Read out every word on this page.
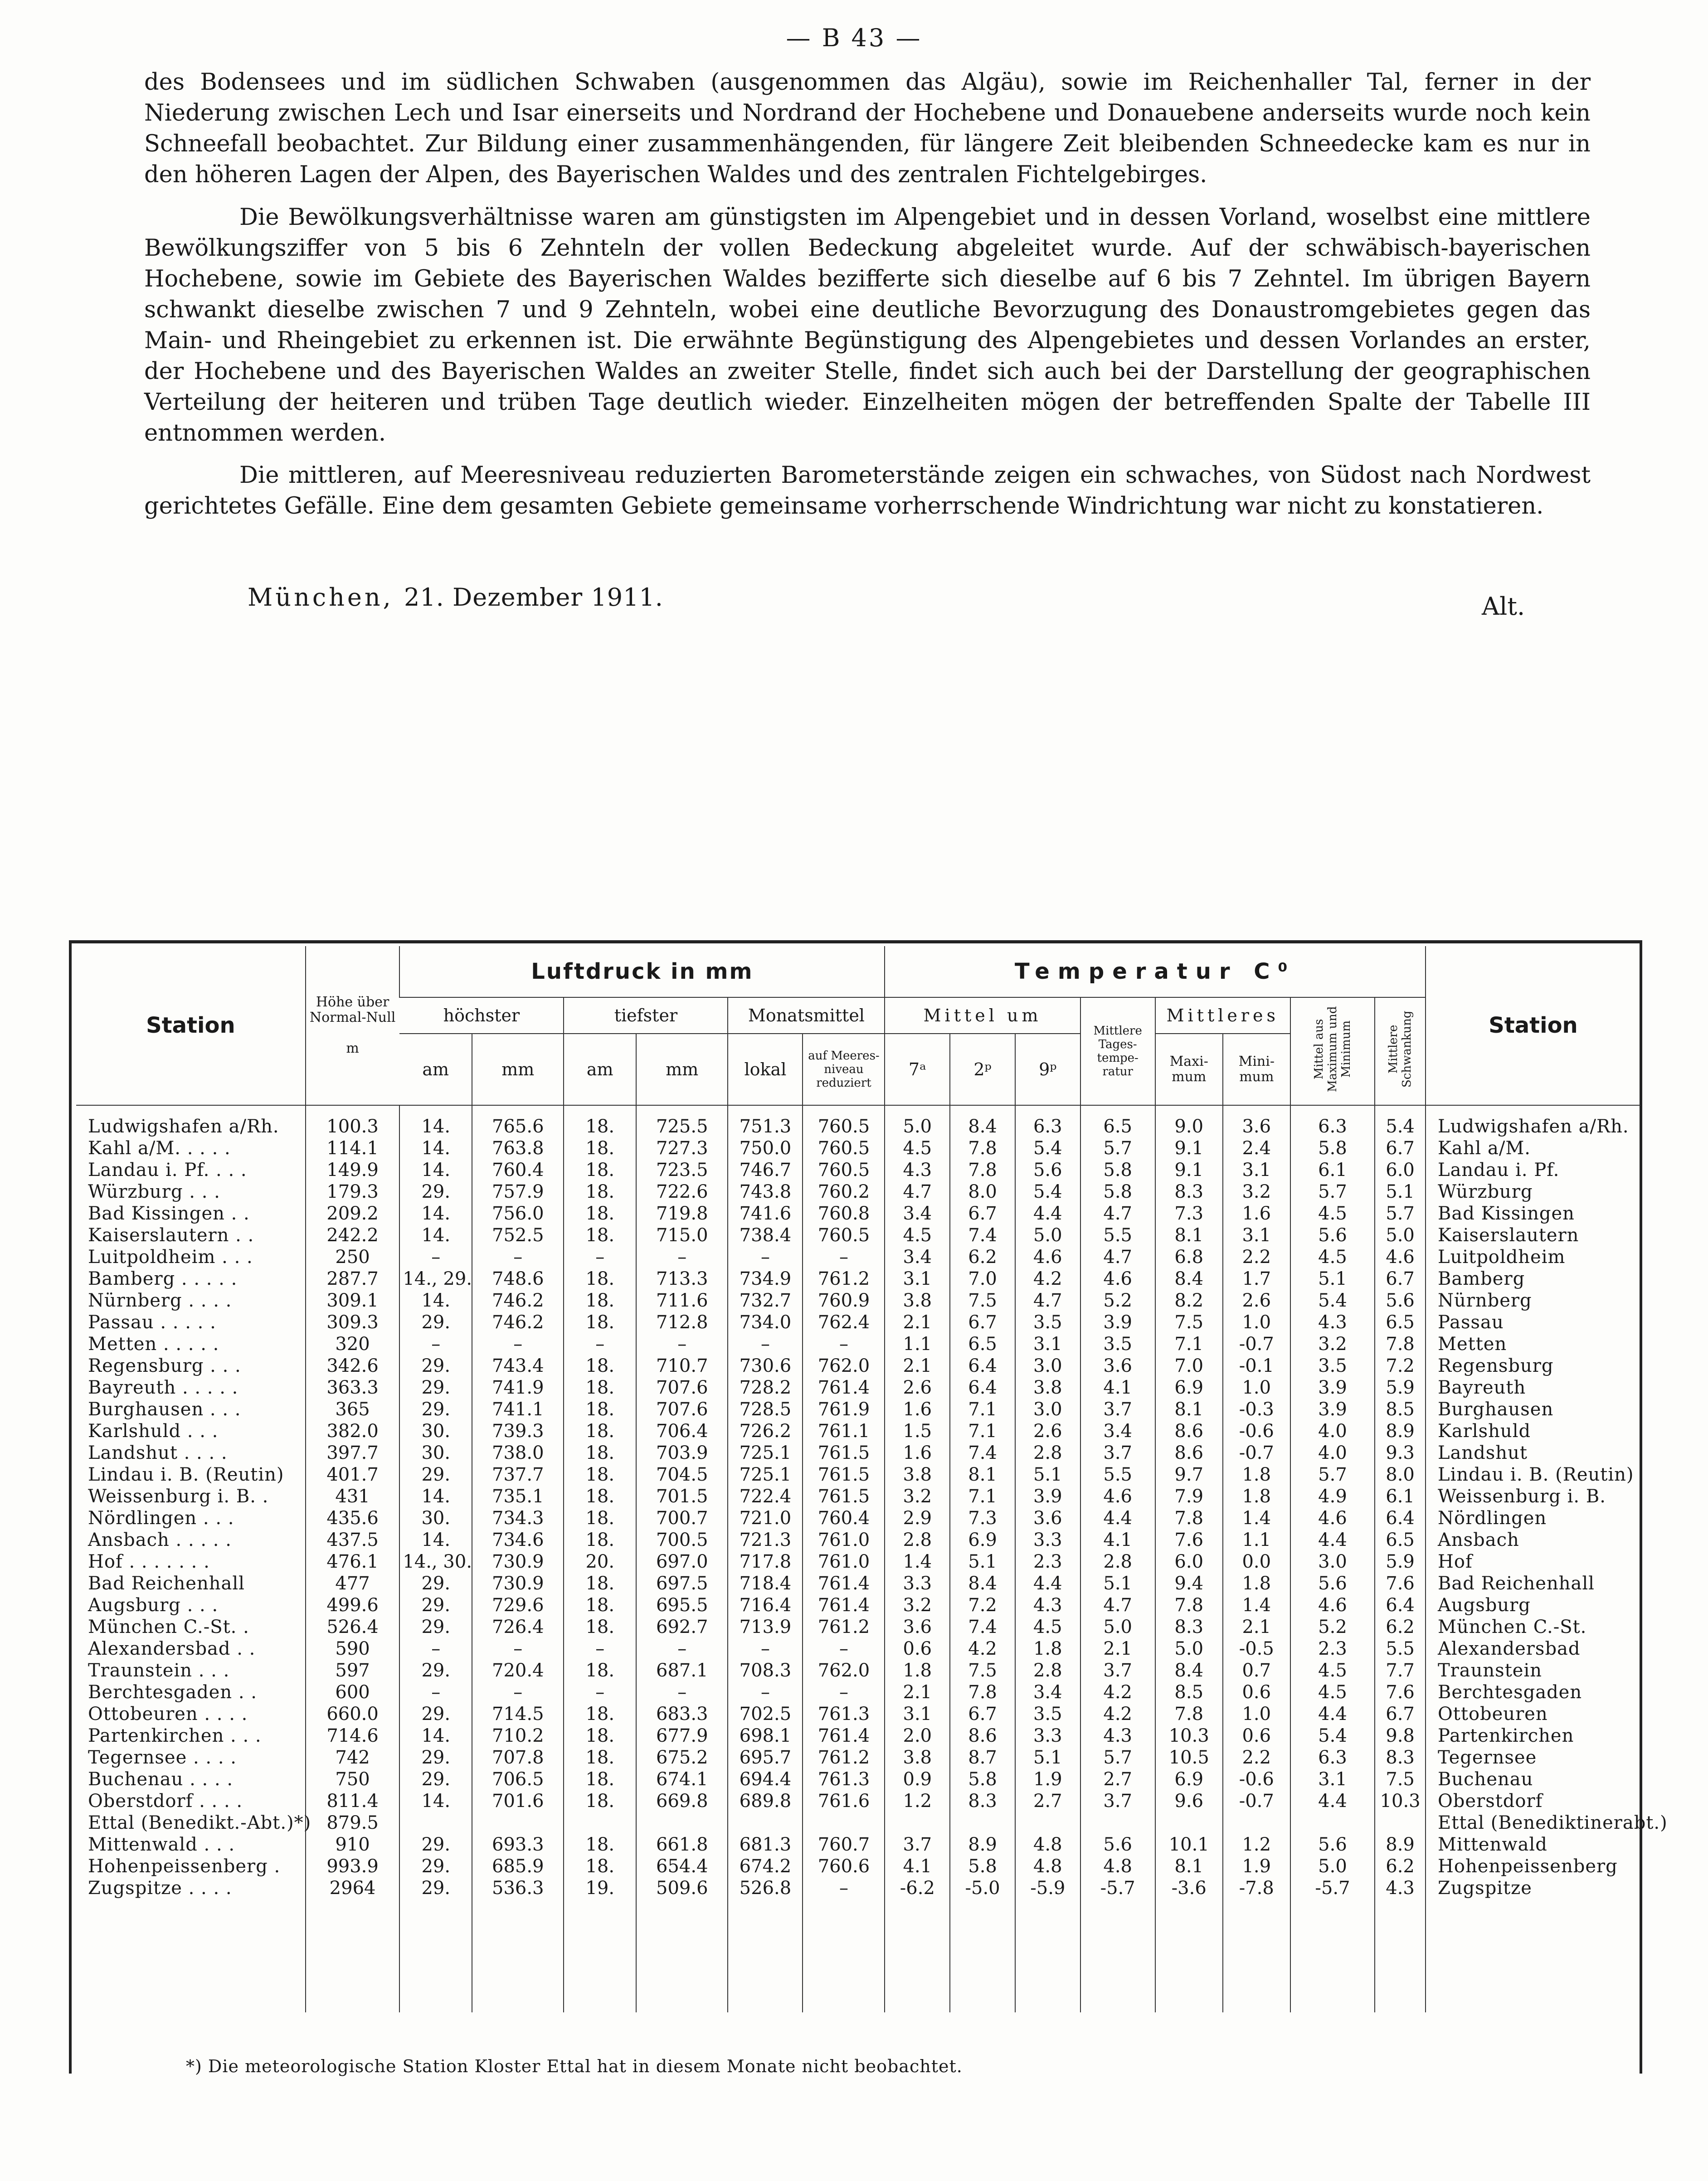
— B 43 —

des Bodensees und im südlichen Schwaben (ausgenommen das Algäu), sowie im Reichenhaller Tal, ferner in der Niederung zwischen Lech und Isar einerseits und Nordrand der Hochebene und Donauebene anderseits wurde noch kein Schneefall beobachtet. Zur Bildung einer zusammenhängenden, für längere Zeit bleibenden Schneedecke kam es nur in den höheren Lagen der Alpen, des Bayerischen Waldes und des zentralen Fichtelgebirges.

Die Bewölkungsverhältnisse waren am günstigsten im Alpengebiet und in dessen Vorland, woselbst eine mittlere Bewölkungsziffer von 5 bis 6 Zehnteln der vollen Bedeckung abgeleitet wurde. Auf der schwäbisch-bayerischen Hochebene, sowie im Gebiete des Bayerischen Waldes bezifferte sich dieselbe auf 6 bis 7 Zehntel. Im übrigen Bayern schwankt dieselbe zwischen 7 und 9 Zehnteln, wobei eine deutliche Bevorzugung des Donaustromgebietes gegen das Main- und Rheingebiet zu erkennen ist. Die erwähnte Begünstigung des Alpengebietes und dessen Vorlandes an erster, der Hochebene und des Bayerischen Waldes an zweiter Stelle, findet sich auch bei der Darstellung der geographischen Verteilung der heiteren und trüben Tage deutlich wieder. Einzelheiten mögen der betreffenden Spalte der Tabelle III entnommen werden.

Die mittleren, auf Meeresniveau reduzierten Barometerstände zeigen ein schwaches, von Südost nach Nordwest gerichtetes Gefälle. Eine dem gesamten Gebiete gemeinsame vorherrschende Windrichtung war nicht zu konstatieren.

München, 21. Dezember 1911.	Alt.
Station	Höhe über Normal-Null

m	Luftdruck in mm						Temperatur C⁰								Station
		höchster		tiefster		Monatsmittel		Mittel um			Mittlere Tages- tempe- ratur	Mittleres		Mittel aus Maximum und Minimum	Mittlere Schwankung	
		am	mm	am	mm	lokal	auf Meeres- niveau reduziert	7ᵃ	2ᵖ	9ᵖ		Maxi- mum	Mini- mum			
Ludwigshafen a/Rh.	100.3	14.	765.6	18.	725.5	751.3	760.5	5.0	8.4	6.3	6.5	9.0	3.6	6.3	5.4	Ludwigshafen a/Rh.
Kahl a/M. . . . .	114.1	14.	763.8	18.	727.3	750.0	760.5	4.5	7.8	5.4	5.7	9.1	2.4	5.8	6.7	Kahl a/M.
Landau i. Pf. . . .	149.9	14.	760.4	18.	723.5	746.7	760.5	4.3	7.8	5.6	5.8	9.1	3.1	6.1	6.0	Landau i. Pf.
Würzburg . . .	179.3	29.	757.9	18.	722.6	743.8	760.2	4.7	8.0	5.4	5.8	8.3	3.2	5.7	5.1	Würzburg
Bad Kissingen . .	209.2	14.	756.0	18.	719.8	741.6	760.8	3.4	6.7	4.4	4.7	7.3	1.6	4.5	5.7	Bad Kissingen
Kaiserslautern . .	242.2	14.	752.5	18.	715.0	738.4	760.5	4.5	7.4	5.0	5.5	8.1	3.1	5.6	5.0	Kaiserslautern
Luitpoldheim . . .	250	–	–	–	–	–	–	3.4	6.2	4.6	4.7	6.8	2.2	4.5	4.6	Luitpoldheim
Bamberg . . . . .	287.7	14., 29.	748.6	18.	713.3	734.9	761.2	3.1	7.0	4.2	4.6	8.4	1.7	5.1	6.7	Bamberg
Nürnberg . . . .	309.1	14.	746.2	18.	711.6	732.7	760.9	3.8	7.5	4.7	5.2	8.2	2.6	5.4	5.6	Nürnberg
Passau . . . . .	309.3	29.	746.2	18.	712.8	734.0	762.4	2.1	6.7	3.5	3.9	7.5	1.0	4.3	6.5	Passau
Metten . . . . .	320	–	–	–	–	–	–	1.1	6.5	3.1	3.5	7.1	-0.7	3.2	7.8	Metten
Regensburg . . .	342.6	29.	743.4	18.	710.7	730.6	762.0	2.1	6.4	3.0	3.6	7.0	-0.1	3.5	7.2	Regensburg
Bayreuth . . . . .	363.3	29.	741.9	18.	707.6	728.2	761.4	2.6	6.4	3.8	4.1	6.9	1.0	3.9	5.9	Bayreuth
Burghausen . . .	365	29.	741.1	18.	707.6	728.5	761.9	1.6	7.1	3.0	3.7	8.1	-0.3	3.9	8.5	Burghausen
Karlshuld . . .	382.0	30.	739.3	18.	706.4	726.2	761.1	1.5	7.1	2.6	3.4	8.6	-0.6	4.0	8.9	Karlshuld
Landshut . . . .	397.7	30.	738.0	18.	703.9	725.1	761.5	1.6	7.4	2.8	3.7	8.6	-0.7	4.0	9.3	Landshut
Lindau i. B. (Reutin)	401.7	29.	737.7	18.	704.5	725.1	761.5	3.8	8.1	5.1	5.5	9.7	1.8	5.7	8.0	Lindau i. B. (Reutin)
Weissenburg i. B. .	431	14.	735.1	18.	701.5	722.4	761.5	3.2	7.1	3.9	4.6	7.9	1.8	4.9	6.1	Weissenburg i. B.
Nördlingen . . .	435.6	30.	734.3	18.	700.7	721.0	760.4	2.9	7.3	3.6	4.4	7.8	1.4	4.6	6.4	Nördlingen
Ansbach . . . . .	437.5	14.	734.6	18.	700.5	721.3	761.0	2.8	6.9	3.3	4.1	7.6	1.1	4.4	6.5	Ansbach
Hof . . . . . . .	476.1	14., 30.	730.9	20.	697.0	717.8	761.0	1.4	5.1	2.3	2.8	6.0	0.0	3.0	5.9	Hof
Bad Reichenhall	477	29.	730.9	18.	697.5	718.4	761.4	3.3	8.4	4.4	5.1	9.4	1.8	5.6	7.6	Bad Reichenhall
Augsburg . . .	499.6	29.	729.6	18.	695.5	716.4	761.4	3.2	7.2	4.3	4.7	7.8	1.4	4.6	6.4	Augsburg
München C.-St. .	526.4	29.	726.4	18.	692.7	713.9	761.2	3.6	7.4	4.5	5.0	8.3	2.1	5.2	6.2	München C.-St.
Alexandersbad . .	590	–	–	–	–	–	–	0.6	4.2	1.8	2.1	5.0	-0.5	2.3	5.5	Alexandersbad
Traunstein . . .	597	29.	720.4	18.	687.1	708.3	762.0	1.8	7.5	2.8	3.7	8.4	0.7	4.5	7.7	Traunstein
Berchtesgaden . .	600	–	–	–	–	–	–	2.1	7.8	3.4	4.2	8.5	0.6	4.5	7.6	Berchtesgaden
Ottobeuren . . . .	660.0	29.	714.5	18.	683.3	702.5	761.3	3.1	6.7	3.5	4.2	7.8	1.0	4.4	6.7	Ottobeuren
Partenkirchen . . .	714.6	14.	710.2	18.	677.9	698.1	761.4	2.0	8.6	3.3	4.3	10.3	0.6	5.4	9.8	Partenkirchen
Tegernsee . . . .	742	29.	707.8	18.	675.2	695.7	761.2	3.8	8.7	5.1	5.7	10.5	2.2	6.3	8.3	Tegernsee
Buchenau . . . .	750	29.	706.5	18.	674.1	694.4	761.3	0.9	5.8	1.9	2.7	6.9	-0.6	3.1	7.5	Buchenau
Oberstdorf . . . .	811.4	14.	701.6	18.	669.8	689.8	761.6	1.2	8.3	2.7	3.7	9.6	-0.7	4.4	10.3	Oberstdorf
Ettal (Benedikt.-Abt.)*)	879.5															Ettal (Benediktinerabt.)
Mittenwald . . .	910	29.	693.3	18.	661.8	681.3	760.7	3.7	8.9	4.8	5.6	10.1	1.2	5.6	8.9	Mittenwald
Hohenpeissenberg .	993.9	29.	685.9	18.	654.4	674.2	760.6	4.1	5.8	4.8	4.8	8.1	1.9	5.0	6.2	Hohenpeissenberg
Zugspitze . . . .	2964	29.	536.3	19.	509.6	526.8	–	-6.2	-5.0	-5.9	-5.7	-3.6	-7.8	-5.7	4.3	Zugspitze

*) Die meteorologische Station Kloster Ettal hat in diesem Monate nicht beobachtet.
